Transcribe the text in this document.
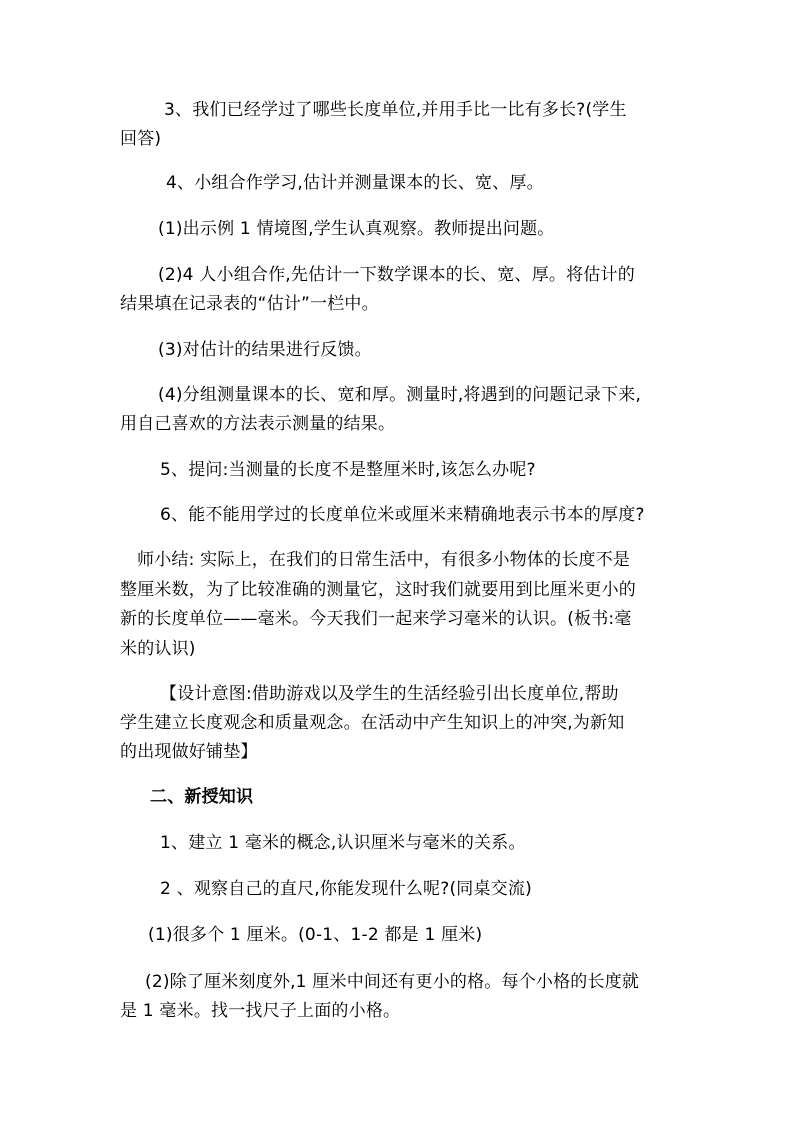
3、我们已经学过了哪些长度单位,并用手比一比有多长?(学生
回答)
4、小组合作学习,估计并测量课本的长、宽、厚。
(1)出示例 1 情境图,学生认真观察。教师提出问题。
(2)4 人小组合作,先估计一下数学课本的长、宽、厚。将估计的
结果填在记录表的“估计”一栏中。
(3)对估计的结果进行反馈。
(4)分组测量课本的长、宽和厚。测量时,将遇到的问题记录下来,
用自己喜欢的方法表示测量的结果。
5、提问:当测量的长度不是整厘米时,该怎么办呢?
6、能不能用学过的长度单位米或厘米来精确地表示书本的厚度?
师小结: 实际上，在我们的日常生活中，有很多小物体的长度不是
整厘米数，为了比较准确的测量它，这时我们就要用到比厘米更小的
新的长度单位——毫米。今天我们一起来学习毫米的认识。(板书:毫
米的认识)
【设计意图:借助游戏以及学生的生活经验引出长度单位,帮助
学生建立长度观念和质量观念。在活动中产生知识上的冲突,为新知
的出现做好铺垫】
二、新授知识
1、建立 1 毫米的概念,认识厘米与毫米的关系。
2 、观察自己的直尺,你能发现什么呢?(同桌交流)
(1)很多个 1 厘米。(0-1、1-2 都是 1 厘米)
(2)除了厘米刻度外,1 厘米中间还有更小的格。每个小格的长度就
是 1 毫米。找一找尺子上面的小格。
